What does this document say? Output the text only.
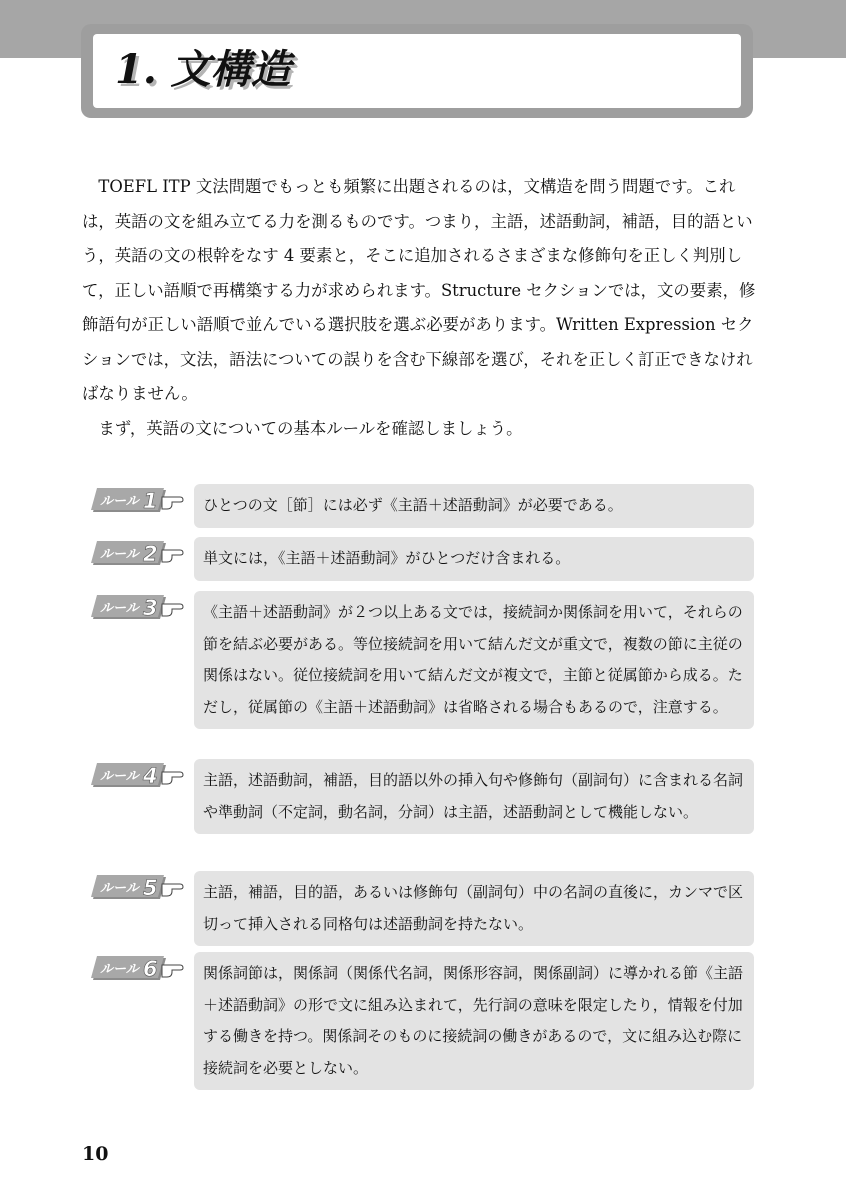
1. 文構造

TOEFL ITP 文法問題でもっとも頻繁に出題されるのは，文構造を問う問題です。これは，英語の文を組み立てる力を測るものです。つまり，主語，述語動詞，補語，目的語という，英語の文の根幹をなす 4 要素と，そこに追加されるさまざまな修飾句を正しく判別して，正しい語順で再構築する力が求められます。Structure セクションでは，文の要素，修飾語句が正しい語順で並んでいる選択肢を選ぶ必要があります。Written Expression セクションでは，文法，語法についての誤りを含む下線部を選び，それを正しく訂正できなければなりません。

まず，英語の文についての基本ルールを確認しましょう。

ルール 1	ひとつの文［節］には必ず《主語＋述語動詞》が必要である。
ルール 2	単文には，《主語＋述語動詞》がひとつだけ含まれる。
ルール 3	《主語＋述語動詞》が２つ以上ある文では，接続詞か関係詞を用いて，それらの節を結ぶ必要がある。等位接続詞を用いて結んだ文が重文で，複数の節に主従の関係はない。従位接続詞を用いて結んだ文が複文で，主節と従属節から成る。ただし，従属節の《主語＋述語動詞》は省略される場合もあるので，注意する。
ルール 4	主語，述語動詞，補語，目的語以外の挿入句や修飾句（副詞句）に含まれる名詞や準動詞（不定詞，動名詞，分詞）は主語，述語動詞として機能しない。
ルール 5	主語，補語，目的語，あるいは修飾句（副詞句）中の名詞の直後に，カンマで区切って挿入される同格句は述語動詞を持たない。
ルール 6	関係詞節は，関係詞（関係代名詞，関係形容詞，関係副詞）に導かれる節《主語＋述語動詞》の形で文に組み込まれて，先行詞の意味を限定したり，情報を付加する働きを持つ。関係詞そのものに接続詞の働きがあるので，文に組み込む際に接続詞を必要としない。
10
